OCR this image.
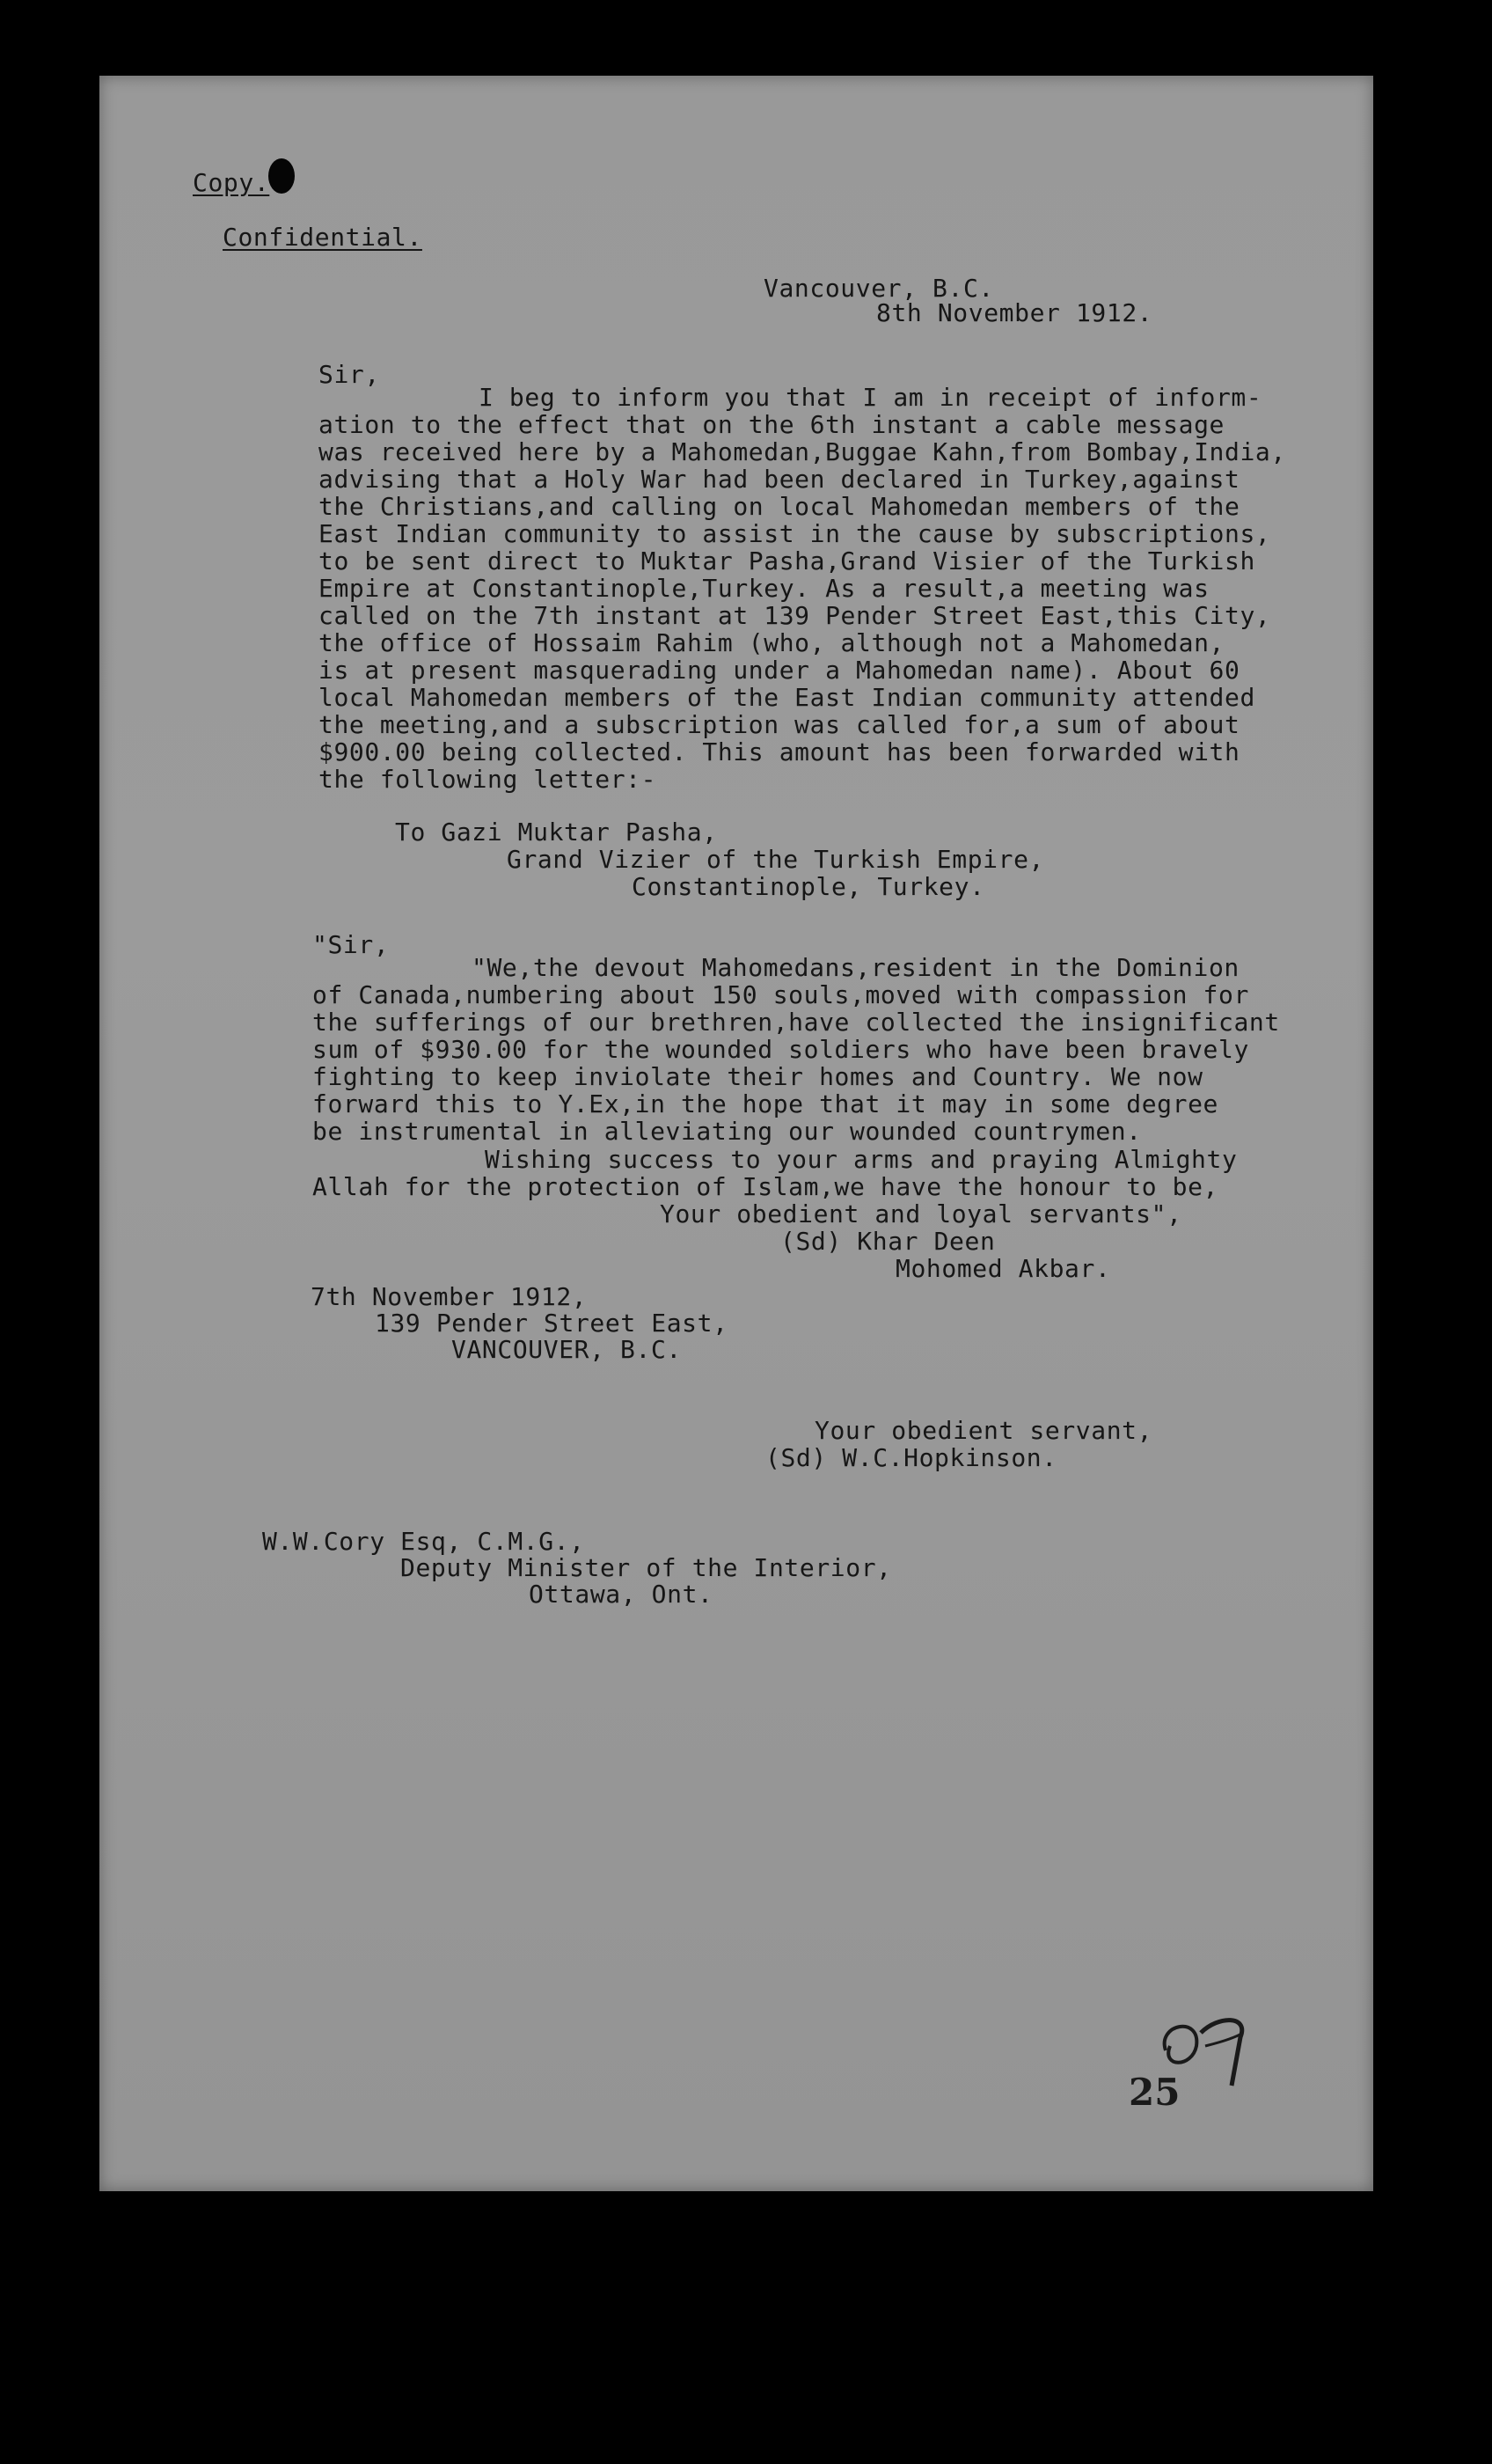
Copy.
Confidential.
Vancouver, B.C.
8th November 1912.
Sir,
I beg to inform you that I am in receipt of inform-
ation to the effect that on the 6th instant a cable message
was received here by a Mahomedan,Buggae Kahn,from Bombay,India,
advising that a Holy War had been declared in Turkey,against
the Christians,and calling on local Mahomedan members of the
East Indian community to assist in the cause by subscriptions,
to be sent direct to Muktar Pasha,Grand Visier of the Turkish
Empire at Constantinople,Turkey. As a result,a meeting was
called on the 7th instant at 139 Pender Street East,this City,
the office of Hossaim Rahim (who, although not a Mahomedan,
is at present masquerading under a Mahomedan name). About 60
local Mahomedan members of the East Indian community attended
the meeting,and a subscription was called for,a sum of about
$900.00 being collected. This amount has been forwarded with
the following letter:-
To Gazi Muktar Pasha,
Grand Vizier of the Turkish Empire,
Constantinople, Turkey.
"Sir,
"We,the devout Mahomedans,resident in the Dominion
of Canada,numbering about 150 souls,moved with compassion for
the sufferings of our brethren,have collected the insignificant
sum of $930.00 for the wounded soldiers who have been bravely
fighting to keep inviolate their homes and Country. We now
forward this to Y.Ex,in the hope that it may in some degree
be instrumental in alleviating our wounded countrymen.
Wishing success to your arms and praying Almighty
Allah for the protection of Islam,we have the honour to be,
Your obedient and loyal servants",
(Sd) Khar Deen
Mohomed Akbar.
7th November 1912,
139 Pender Street East,
VANCOUVER, B.C.
Your obedient servant,
(Sd) W.C.Hopkinson.
W.W.Cory Esq, C.M.G.,
Deputy Minister of the Interior,
Ottawa, Ont.
25
